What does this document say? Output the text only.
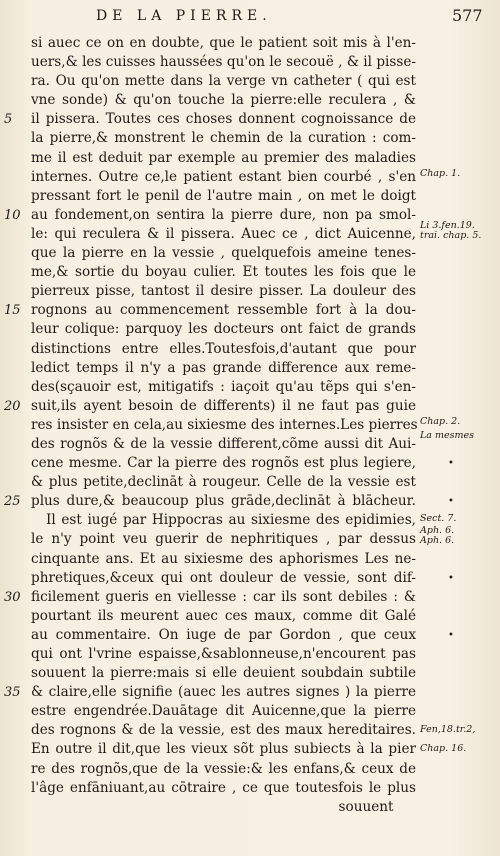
DE LA PIERRE.	577
si auec ce on en doubte, que le patient soit mis à l'en-
uers,& les cuisses haussées qu'on le secouë , & il pisse-
ra. Ou qu'on mette dans la verge vn catheter ( qui est
vne sonde) & qu'on touche la pierre:elle reculera , &
5 il pissera. Toutes ces choses donnent cognoissance de
la pierre,& monstrent le chemin de la curation : com-
me il est deduit par exemple au premier des maladies
internes. Outre ce,le patient estant bien courbé , s'en Chap. 1.
pressant fort le penil de l'autre main , on met le doigt
10 au fondement,on sentira la pierre dure, non pa smol-
le: qui reculera & il pissera. Auec ce , dict Auicenne,
Li 3.fen.19.
trai. chap. 5.
que la pierre en la vessie , quelquefois ameine tenes-
me,& sortie du boyau culier. Et toutes les fois que le
pierreux pisse, tantost il desire pisser. La douleur des
15 rognons au commencement ressemble fort à la dou-
leur colique: parquoy les docteurs ont faict de grands
distinctions entre elles.Toutesfois,d'autant que pour
ledict temps il n'y a pas grande difference aux reme-
des(sçauoir est, mitigatifs : iaçoit qu'au tẽps qui s'en-
20 suit,ils ayent besoin de differents) il ne faut pas guie
res insister en cela,au sixiesme des internes.Les pierres Chap. 2.
des rognõs & de la vessie different,cõme aussi dit Aui-
La mesmes
cene mesme. Car la pierre des rognõs est plus legiere,	•
& plus petite,declināt à rougeur. Celle de la vessie est
25 plus dure,& beaucoup plus grāde,declināt à blācheur.	•
Il est iugé par Hippocras au sixiesme des epidimies, Sect. 7.
le n'y point veu guerir de nephritiques , par dessus
Aph. 6.
Aph. 6.
cinquante ans. Et au sixiesme des aphorismes Les ne-
phretiques,&ceux qui ont douleur de vessie, sont dif-	•
30 ficilement gueris en viellesse : car ils sont debiles : &
pourtant ils meurent auec ces maux, comme dit Galé
au commentaire. On iuge de par Gordon , que ceux	•
qui ont l'vrine espaisse,&sablonneuse,n'encourent pas
souuent la pierre:mais si elle deuient soubdain subtile
35 & claire,elle signifie (auec les autres signes ) la pierre
estre engendrée.Dauātage dit Auicenne,que la pierre
des rognons & de la vessie, est des maux hereditaires. Fen,18.tr.2,
En outre il dit,que les vieux sõt plus subiects à la pier Chap. 16.
re des rognõs,que de la vessie:& les enfans,& ceux de
l'âge enfāniuant,au cōtraire , ce que toutesfois le plus
souuent
